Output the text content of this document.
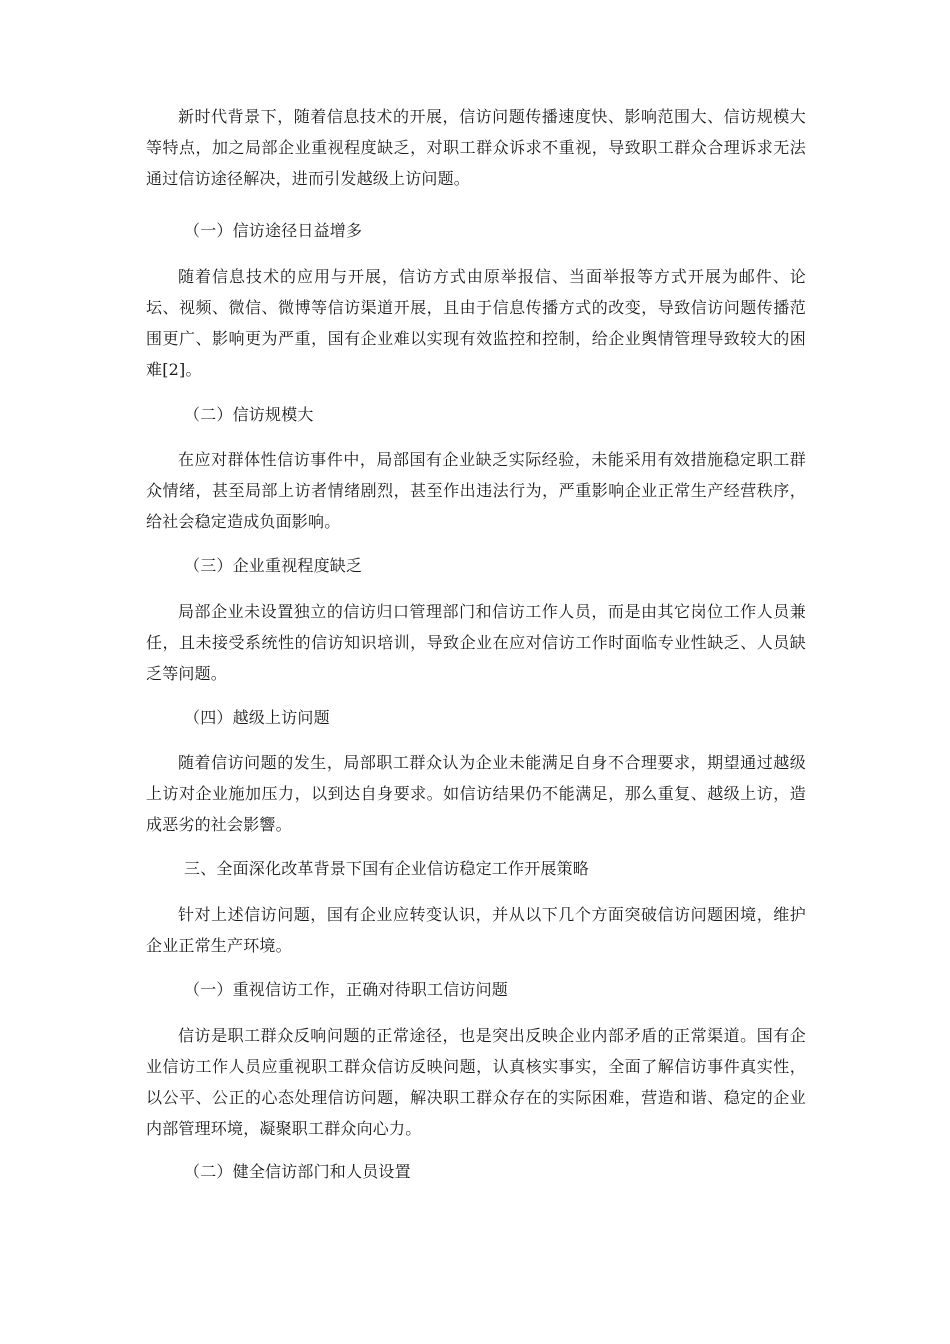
新时代背景下，随着信息技术的开展，信访问题传播速度快、影响范围大、信访规模大等特点，加之局部企业重视程度缺乏，对职工群众诉求不重视，导致职工群众合理诉求无法通过信访途径解决，进而引发越级上访问题。

（一）信访途径日益增多

随着信息技术的应用与开展，信访方式由原举报信、当面举报等方式开展为邮件、论坛、视频、微信、微博等信访渠道开展，且由于信息传播方式的改变，导致信访问题传播范围更广、影响更为严重，国有企业难以实现有效监控和控制，给企业舆情管理导致较大的困难[2]。

（二）信访规模大

在应对群体性信访事件中，局部国有企业缺乏实际经验，未能采用有效措施稳定职工群众情绪，甚至局部上访者情绪剧烈，甚至作出违法行为，严重影响企业正常生产经营秩序，给社会稳定造成负面影响。

（三）企业重视程度缺乏

局部企业未设置独立的信访归口管理部门和信访工作人员，而是由其它岗位工作人员兼任，且未接受系统性的信访知识培训，导致企业在应对信访工作时面临专业性缺乏、人员缺乏等问题。

（四）越级上访问题

随着信访问题的发生，局部职工群众认为企业未能满足自身不合理要求，期望通过越级上访对企业施加压力，以到达自身要求。如信访结果仍不能满足，那么重复、越级上访，造成恶劣的社会影響。

三、全面深化改革背景下国有企业信访稳定工作开展策略

针对上述信访问题，国有企业应转变认识，并从以下几个方面突破信访问题困境，维护企业正常生产环境。

（一）重视信访工作，正确对待职工信访问题

信访是职工群众反响问题的正常途径，也是突出反映企业内部矛盾的正常渠道。国有企业信访工作人员应重视职工群众信访反映问题，认真核实事实，全面了解信访事件真实性，以公平、公正的心态处理信访问题，解决职工群众存在的实际困难，营造和谐、稳定的企业内部管理环境，凝聚职工群众向心力。

（二）健全信访部门和人员设置
